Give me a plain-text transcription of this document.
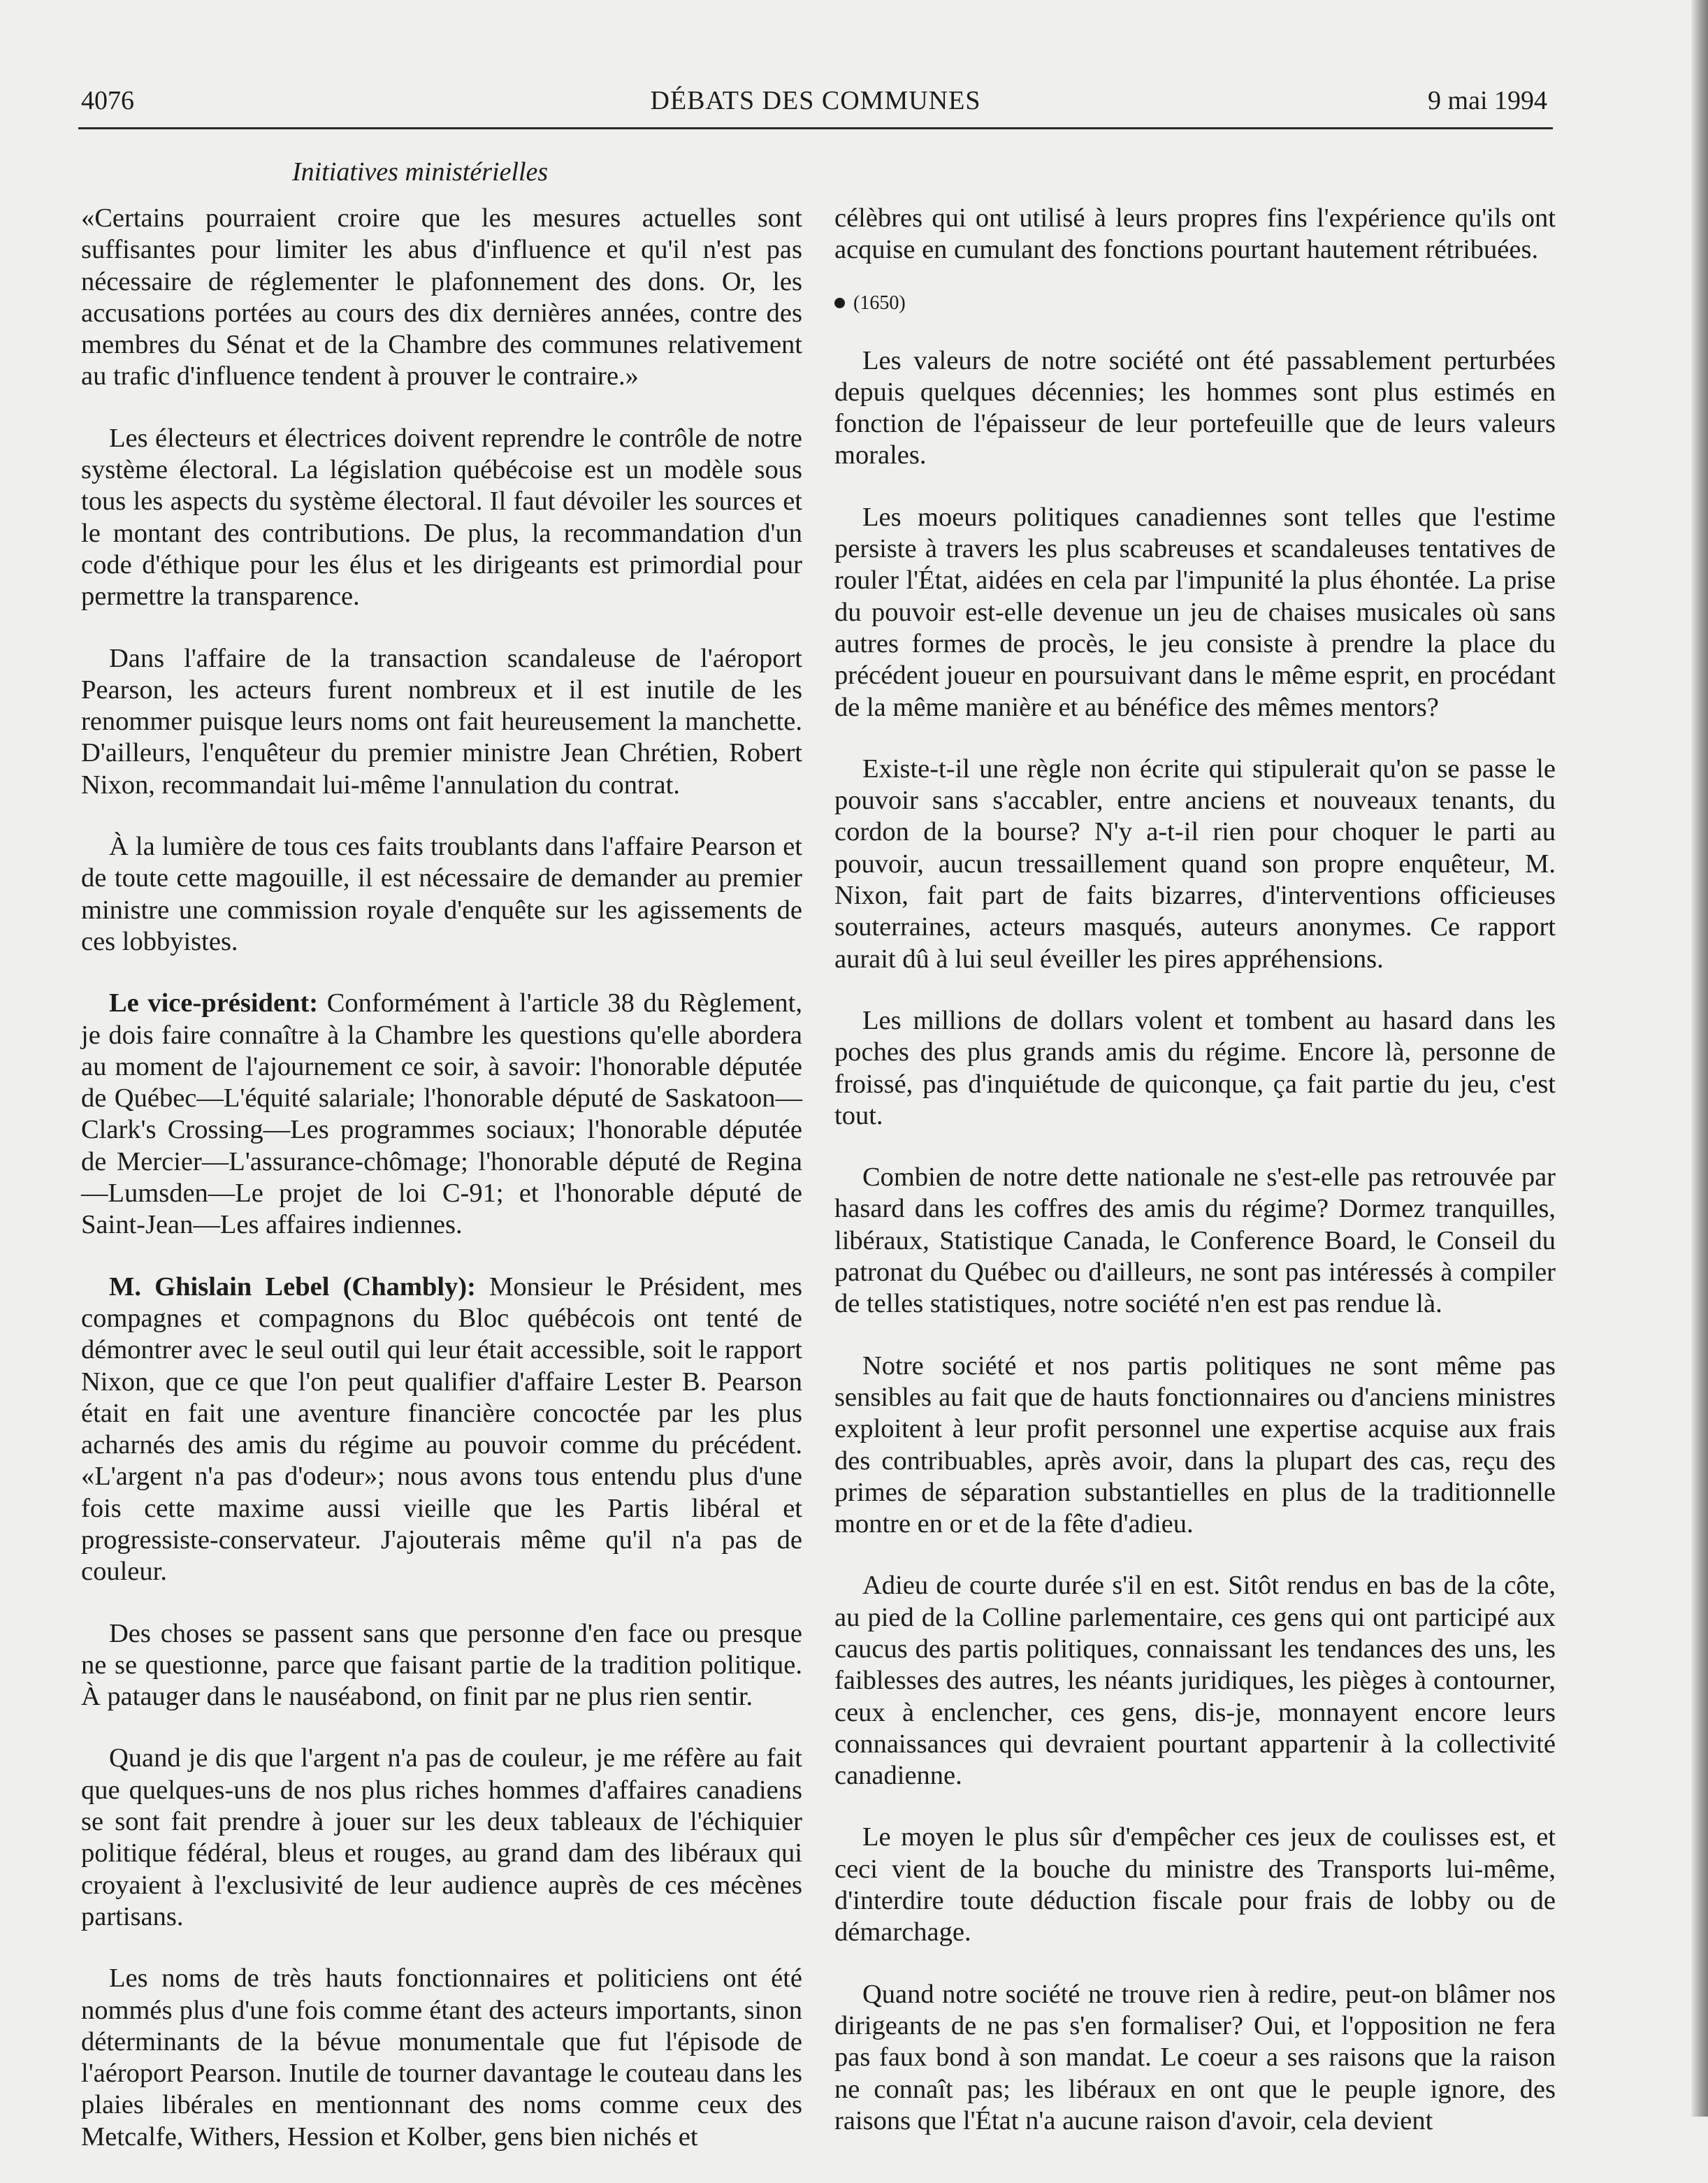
4076	DÉBATS DES COMMUNES	9 mai 1994
Initiatives ministérielles

«Certains pourraient croire que les mesures actuelles sont suffisantes pour limiter les abus d'influence et qu'il n'est pas nécessaire de réglementer le plafonnement des dons. Or, les accusations portées au cours des dix dernières années, contre des membres du Sénat et de la Chambre des communes relativement au trafic d'influence tendent à prouver le contraire.»

Les électeurs et électrices doivent reprendre le contrôle de notre système électoral. La législation québécoise est un modèle sous tous les aspects du système électoral. Il faut dévoiler les sources et le montant des contributions. De plus, la recommandation d'un code d'éthique pour les élus et les dirigeants est primordial pour permettre la transparence.

Dans l'affaire de la transaction scandaleuse de l'aéroport Pearson, les acteurs furent nombreux et il est inutile de les renommer puisque leurs noms ont fait heureusement la manchette. D'ailleurs, l'enquêteur du premier ministre Jean Chrétien, Robert Nixon, recommandait lui-même l'annulation du contrat.

À la lumière de tous ces faits troublants dans l'affaire Pearson et de toute cette magouille, il est nécessaire de demander au premier ministre une commission royale d'enquête sur les agissements de ces lobbyistes.

Le vice-président: Conformément à l'article 38 du Règlement, je dois faire connaître à la Chambre les questions qu'elle abordera au moment de l'ajournement ce soir, à savoir: l'honorable députée de Québec—L'équité salariale; l'honorable député de Saskatoon—Clark's Crossing—Les programmes sociaux; l'honorable députée de Mercier—L'assurance-chômage; l'honorable député de Regina—Lumsden—Le projet de loi C-91; et l'honorable député de Saint-Jean—Les affaires indiennes.

M. Ghislain Lebel (Chambly): Monsieur le Président, mes compagnes et compagnons du Bloc québécois ont tenté de démontrer avec le seul outil qui leur était accessible, soit le rapport Nixon, que ce que l'on peut qualifier d'affaire Lester B. Pearson était en fait une aventure financière concoctée par les plus acharnés des amis du régime au pouvoir comme du précédent. «L'argent n'a pas d'odeur»; nous avons tous entendu plus d'une fois cette maxime aussi vieille que les Partis libéral et progressiste-conservateur. J'ajouterais même qu'il n'a pas de couleur.

Des choses se passent sans que personne d'en face ou presque ne se questionne, parce que faisant partie de la tradition politique. À patauger dans le nauséabond, on finit par ne plus rien sentir.

Quand je dis que l'argent n'a pas de couleur, je me réfère au fait que quelques-uns de nos plus riches hommes d'affaires canadiens se sont fait prendre à jouer sur les deux tableaux de l'échiquier politique fédéral, bleus et rouges, au grand dam des libéraux qui croyaient à l'exclusivité de leur audience auprès de ces mécènes partisans.

Les noms de très hauts fonctionnaires et politiciens ont été nommés plus d'une fois comme étant des acteurs importants, sinon déterminants de la bévue monumentale que fut l'épisode de l'aéroport Pearson. Inutile de tourner davantage le couteau dans les plaies libérales en mentionnant des noms comme ceux des Metcalfe, Withers, Hession et Kolber, gens bien nichés et

célèbres qui ont utilisé à leurs propres fins l'expérience qu'ils ont acquise en cumulant des fonctions pourtant hautement rétribuées.

(1650)

Les valeurs de notre société ont été passablement perturbées depuis quelques décennies; les hommes sont plus estimés en fonction de l'épaisseur de leur portefeuille que de leurs valeurs morales.

Les moeurs politiques canadiennes sont telles que l'estime persiste à travers les plus scabreuses et scandaleuses tentatives de rouler l'État, aidées en cela par l'impunité la plus éhontée. La prise du pouvoir est-elle devenue un jeu de chaises musicales où sans autres formes de procès, le jeu consiste à prendre la place du précédent joueur en poursuivant dans le même esprit, en procédant de la même manière et au bénéfice des mêmes mentors?

Existe-t-il une règle non écrite qui stipulerait qu'on se passe le pouvoir sans s'accabler, entre anciens et nouveaux tenants, du cordon de la bourse? N'y a-t-il rien pour choquer le parti au pouvoir, aucun tressaillement quand son propre enquêteur, M. Nixon, fait part de faits bizarres, d'interventions officieuses souterraines, acteurs masqués, auteurs anonymes. Ce rapport aurait dû à lui seul éveiller les pires appréhensions.

Les millions de dollars volent et tombent au hasard dans les poches des plus grands amis du régime. Encore là, personne de froissé, pas d'inquiétude de quiconque, ça fait partie du jeu, c'est tout.

Combien de notre dette nationale ne s'est-elle pas retrouvée par hasard dans les coffres des amis du régime? Dormez tranquilles, libéraux, Statistique Canada, le Conference Board, le Conseil du patronat du Québec ou d'ailleurs, ne sont pas intéressés à compiler de telles statistiques, notre société n'en est pas rendue là.

Notre société et nos partis politiques ne sont même pas sensibles au fait que de hauts fonctionnaires ou d'anciens ministres exploitent à leur profit personnel une expertise acquise aux frais des contribuables, après avoir, dans la plupart des cas, reçu des primes de séparation substantielles en plus de la traditionnelle montre en or et de la fête d'adieu.

Adieu de courte durée s'il en est. Sitôt rendus en bas de la côte, au pied de la Colline parlementaire, ces gens qui ont participé aux caucus des partis politiques, connaissant les tendances des uns, les faiblesses des autres, les néants juridiques, les pièges à contourner, ceux à enclencher, ces gens, dis-je, monnayent encore leurs connaissances qui devraient pourtant appartenir à la collectivité canadienne.

Le moyen le plus sûr d'empêcher ces jeux de coulisses est, et ceci vient de la bouche du ministre des Transports lui-même, d'interdire toute déduction fiscale pour frais de lobby ou de démarchage.

Quand notre société ne trouve rien à redire, peut-on blâmer nos dirigeants de ne pas s'en formaliser? Oui, et l'opposition ne fera pas faux bond à son mandat. Le coeur a ses raisons que la raison ne connaît pas; les libéraux en ont que le peuple ignore, des raisons que l'État n'a aucune raison d'avoir, cela devient
